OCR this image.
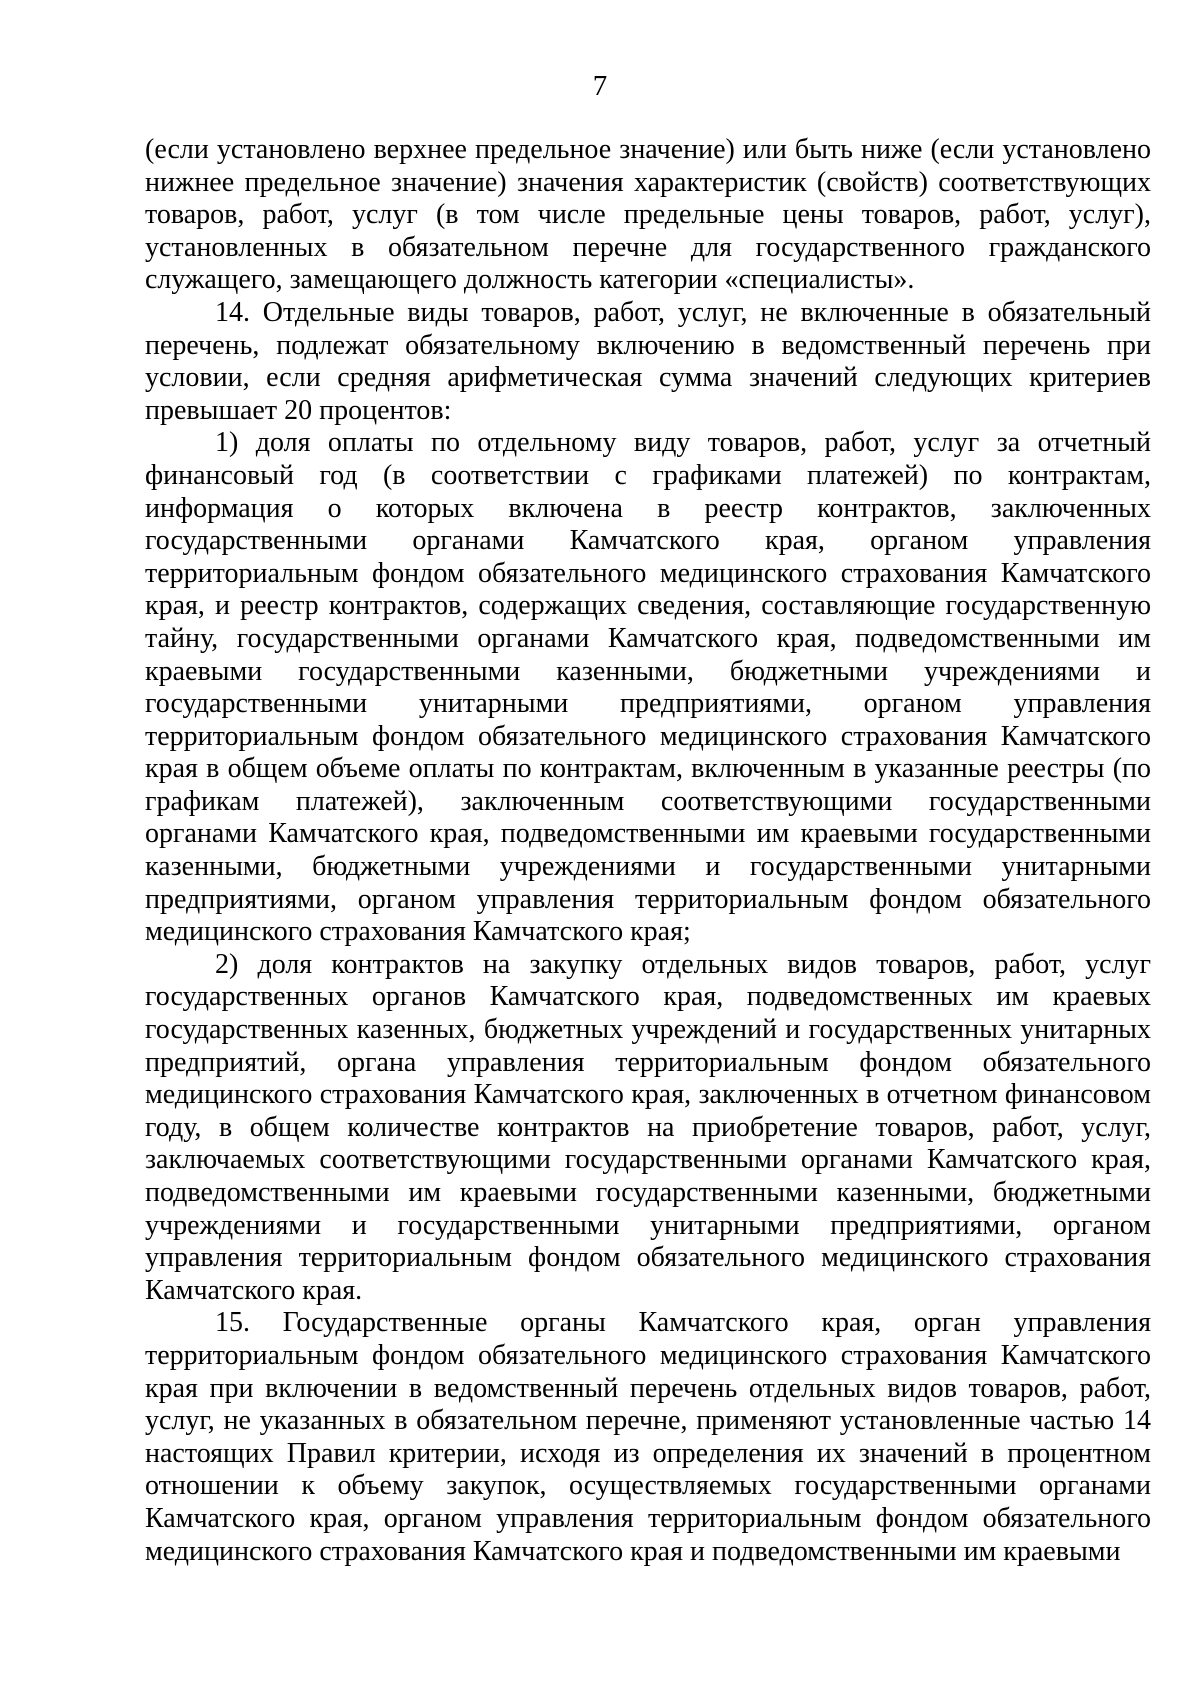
7

(если установлено верхнее предельное значение) или быть ниже (если установлено нижнее предельное значение) значения характеристик (свойств) соответствующих товаров, работ, услуг (в том числе предельные цены товаров, работ, услуг), установленных в обязательном перечне для государственного гражданского служащего, замещающего должность категории «специалисты».

14. Отдельные виды товаров, работ, услуг, не включенные в обязательный перечень, подлежат обязательному включению в ведомственный перечень при условии, если средняя арифметическая сумма значений следующих критериев превышает 20 процентов:

1) доля оплаты по отдельному виду товаров, работ, услуг за отчетный финансовый год (в соответствии с графиками платежей) по контрактам, информация о которых включена в реестр контрактов, заключенных государственными органами Камчатского края, органом управления территориальным фондом обязательного медицинского страхования Камчатского края, и реестр контрактов, содержащих сведения, составляющие государственную тайну, государственными органами Камчатского края, подведомственными им краевыми государственными казенными, бюджетными учреждениями и государственными унитарными предприятиями, органом управления территориальным фондом обязательного медицинского страхования Камчатского края в общем объеме оплаты по контрактам, включенным в указанные реестры (по графикам платежей), заключенным соответствующими государственными органами Камчатского края, подведомственными им краевыми государственными казенными, бюджетными учреждениями и государственными унитарными предприятиями, органом управления территориальным фондом обязательного медицинского страхования Камчатского края;

2) доля контрактов на закупку отдельных видов товаров, работ, услуг государственных органов Камчатского края, подведомственных им краевых государственных казенных, бюджетных учреждений и государственных унитарных предприятий, органа управления территориальным фондом обязательного медицинского страхования Камчатского края, заключенных в отчетном финансовом году, в общем количестве контрактов на приобретение товаров, работ, услуг, заключаемых соответствующими государственными органами Камчатского края, подведомственными им краевыми государственными казенными, бюджетными учреждениями и государственными унитарными предприятиями, органом управления территориальным фондом обязательного медицинского страхования Камчатского края.

15. Государственные органы Камчатского края, орган управления территориальным фондом обязательного медицинского страхования Камчатского края при включении в ведомственный перечень отдельных видов товаров, работ, услуг, не указанных в обязательном перечне, применяют установленные частью 14 настоящих Правил критерии, исходя из определения их значений в процентном отношении к объему закупок, осуществляемых государственными органами Камчатского края, органом управления территориальным фондом обязательного медицинского страхования Камчатского края и подведомственными им краевыми
